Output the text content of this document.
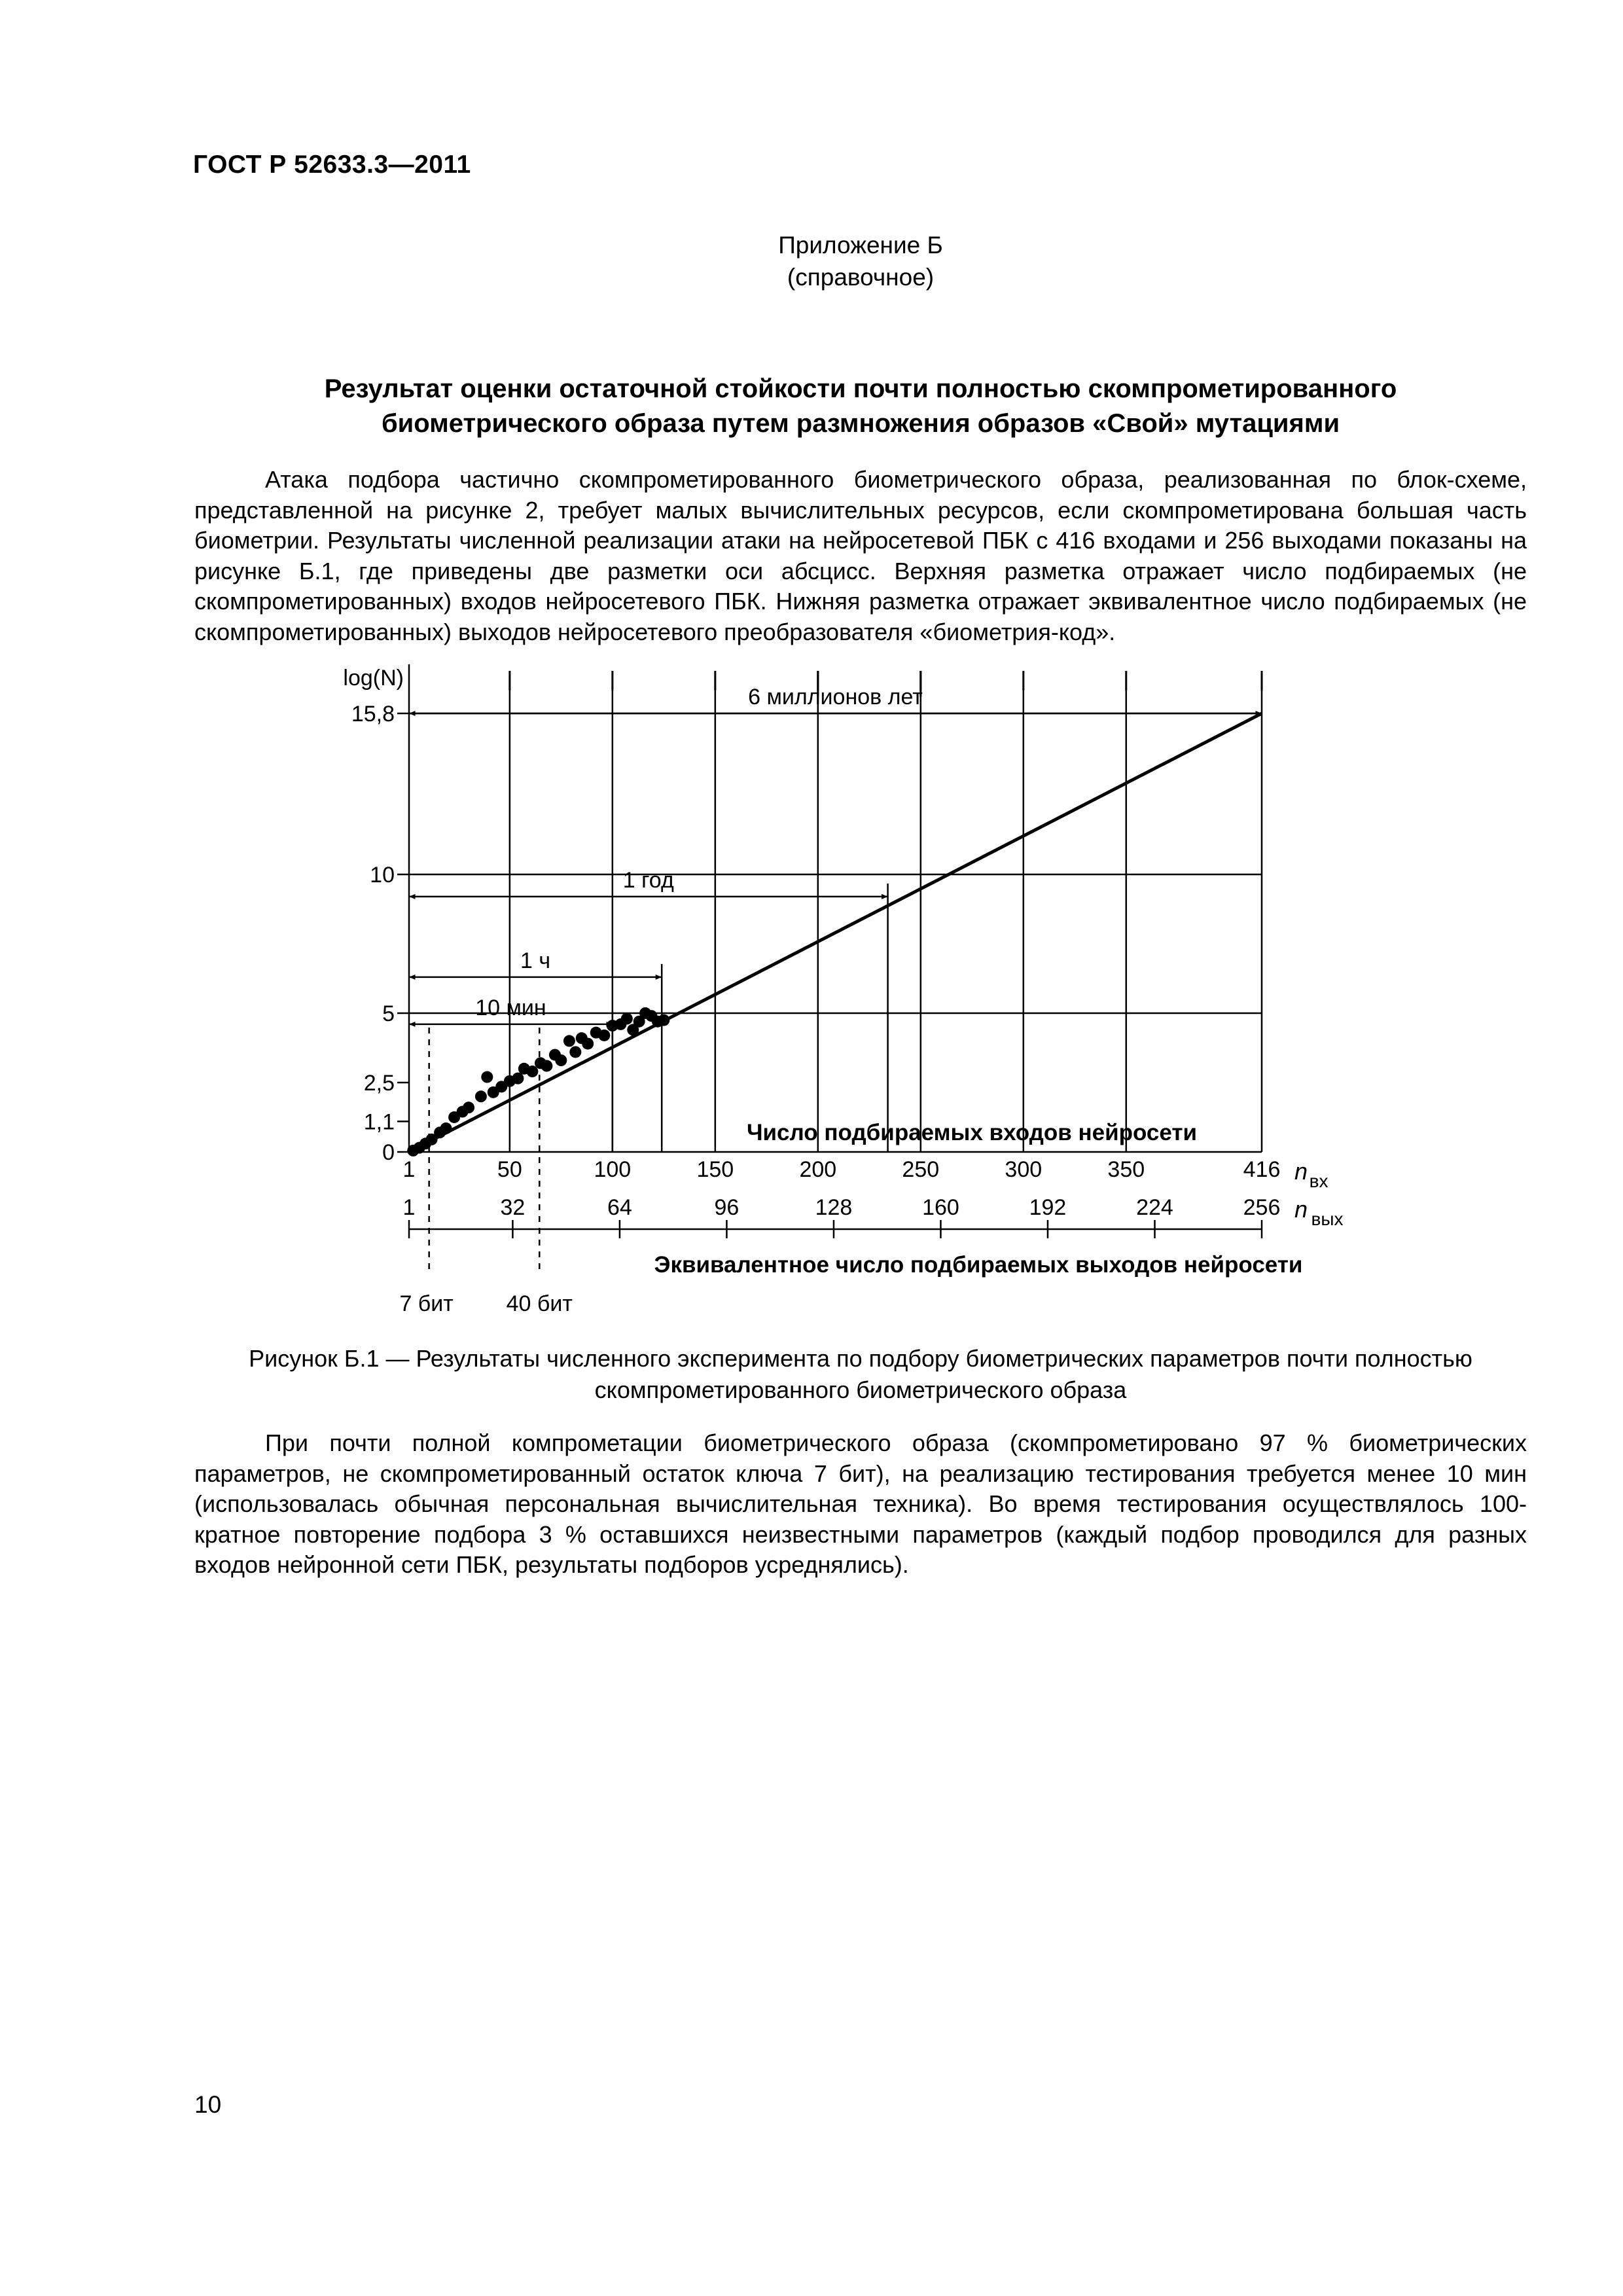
ГОСТ Р 52633.3—2011
Приложение Б
(справочное)
Результат оценки остаточной стойкости почти полностью скомпрометированного
биометрического образа путем размножения образов «Свой» мутациями

Атака подбора частично скомпрометированного биометрического образа, реализованная по блок-схеме, представленной на рисунке 2, требует малых вычислительных ресурсов, если скомпрометирована большая часть биометрии. Результаты численной реализации атаки на нейросетевой ПБК с 416 входами и 256 выходами показаны на рисунке Б.1, где приведены две разметки оси абсцисс. Верхняя разметка отражает число подбираемых (не скомпрометированных) входов нейросетевого ПБК. Нижняя разметка отражает эквивалентное число подбираемых (не скомпрометированных) выходов нейросетевого преобразователя «биометрия-код».

0
1,1
2,5
5
10
15,8
log(N)
1	50	100	150	200	250	300	350	416 n вх
1	32	64	96	128	160	192	224	256 n вых
Число подбираемых входов нейросети
Эквивалентное число подбираемых выходов нейросети
7 бит 40 бит
10 мин
1 ч
1 год
6 миллионов лет
Рисунок Б.1 — Результаты численного эксперимента по подбору биометрических параметров почти полностью
скомпрометированного биометрического образа

При почти полной компрометации биометрического образа (скомпрометировано 97 % биометрических параметров, не скомпрометированный остаток ключа 7 бит), на реализацию тестирования требуется менее 10 мин (использовалась обычная персональная вычислительная техника). Во время тестирования осуществлялось 100-кратное повторение подбора 3 % оставшихся неизвестными параметров (каждый подбор проводился для разных входов нейронной сети ПБК, результаты подборов усреднялись).

10
